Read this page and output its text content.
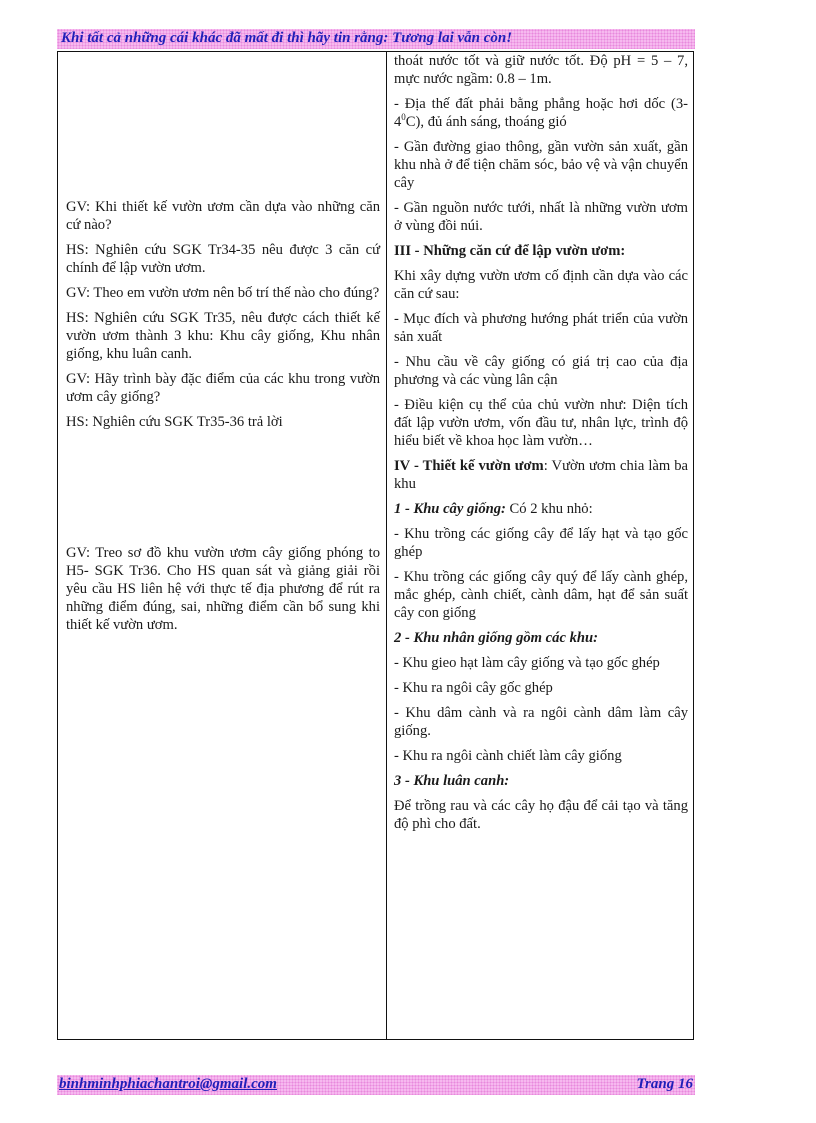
Khi tất cả những cái khác đã mất đi thì hãy tin rằng: Tương lai vẫn còn!

GV: Khi thiết kế vườn ươm cần dựa vào những căn cứ nào?

HS: Nghiên cứu SGK Tr34-35 nêu được 3 căn cứ chính để lập vườn ươm.

GV: Theo em vườn ươm nên bố trí thế nào cho đúng?

HS: Nghiên cứu SGK Tr35, nêu được cách thiết kế vườn ươm thành 3 khu: Khu cây giống, Khu nhân giống, khu luân canh.

GV: Hãy trình bày đặc điểm của các khu trong vườn ươm cây giống?

HS: Nghiên cứu SGK Tr35-36 trả lời

GV: Treo sơ đồ khu vườn ươm cây giống phóng to H5- SGK Tr36. Cho HS quan sát và giảng giải rồi yêu cầu HS liên hệ với thực tế địa phương để rút ra những điểm đúng, sai, những điểm cần bổ sung khi thiết kế vườn ươm.

thoát nước tốt và giữ nước tốt. Độ pH = 5 – 7, mực nước ngầm: 0.8 – 1m.

- Địa thế đất phải bằng phẳng hoặc hơi dốc $(3-4^0C)$, đủ ánh sáng, thoáng gió

- Gần đường giao thông, gần vườn sản xuất, gần khu nhà ở để tiện chăm sóc, bảo vệ và vận chuyển cây

- Gần nguồn nước tưới, nhất là những vườn ươm ở vùng đồi núi.

III - Những căn cứ để lập vườn ươm:

Khi xây dựng vườn ươm cố định cần dựa vào các căn cứ sau:

- Mục đích và phương hướng phát triển của vườn sản xuất

- Nhu cầu về cây giống có giá trị cao của địa phương và các vùng lân cận

- Điều kiện cụ thể của chủ vườn như: Diện tích đất lập vườn ươm, vốn đầu tư, nhân lực, trình độ hiểu biết về khoa học làm vườn…

IV - Thiết kế vườn ươm: Vườn ươm chia làm ba khu

1 - Khu cây giống: Có 2 khu nhỏ:

- Khu trồng các giống cây để lấy hạt và tạo gốc ghép

- Khu trồng các giống cây quý để lấy cành ghép, mắc ghép, cành chiết, cành dâm, hạt để sản suất cây con giống

2 - Khu nhân giống gồm các khu:

- Khu gieo hạt làm cây giống và tạo gốc ghép

- Khu ra ngôi cây gốc ghép

- Khu dâm cành và ra ngôi cành dâm làm cây giống.

- Khu ra ngôi cành chiết làm cây giống

3 - Khu luân canh:

Để trồng rau và các cây họ đậu để cải tạo và tăng độ phì cho đất.

binhminhphiachantroi@gmail.com	Trang 16
